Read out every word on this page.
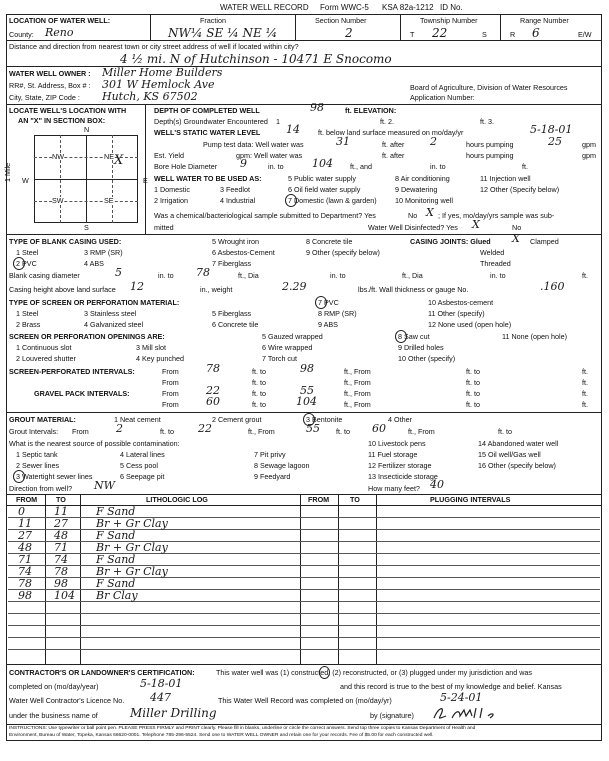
WATER WELL RECORD Form WWC-5 KSA 82a-1212 ID No.
LOCATION OF WATER WELL:	Fraction	Section Number	Township Number	Range Number
County: Reno	NW¼ SE ¼ NE ¼	2	T 22	S	R 6	E/W
Distance and direction from nearest town or city street address of well if located within city?
4 ½ mi. N of Hutchinson - 10471 E Snocomo
WATER WELL OWNER : Miller Home Builders
RR#, St. Address, Box # : 301 W Hemlock Ave	Board of Agriculture, Division of Water Resources
City, State, ZIP Code : Hutch, KS 67502	Application Number:
LOCATE WELL'S LOCATION WITH
AN "X" IN SECTION BOX:
N
S
W	E
1 Mile
NW	NE
SW	SE
X
DEPTH OF COMPLETED WELL	98	ft. ELEVATION:
Depth(s) Groundwater Encountered 1	ft. 2.	ft. 3.
WELL'S STATIC WATER LEVEL 14	ft. below land surface measured on mo/day/yr	5-18-01
Pump test data: Well water was	31	ft. after 2	hours pumping	25	gpm
Est. Yield	gpm: Well water was	ft. after	hours pumping	gpm
Bore Hole Diameter 9	in. to	104 ft., and	in. to	ft.
WELL WATER TO BE USED AS:	5 Public water supply	8 Air conditioning	11 Injection well
1 Domestic	3 Feedlot	6 Oil field water supply	9 Dewatering	12 Other (Specify below)
2 Irrigation	4 Industrial	7 Domestic (lawn & garden)	10 Monitoring well
Was a chemical/bacteriological sample submitted to Department? Yes	No X ; If yes, mo/day/yrs sample was sub-
mitted	Water Well Disinfected? Yes X	No
TYPE OF BLANK CASING USED:	5 Wrought iron	8 Concrete tile	CASING JOINTS: Glued X Clamped
1 Steel	3 RMP (SR)	6 Asbestos-Cement	9 Other (specify below)	Welded
2 PVC	4 ABS	7 Fiberglass	Threaded
Blank casing diameter	5	in. to 78	ft., Dia	in. to	ft., Dia	in. to	ft.
Casing height above land surface 12	in., weight	2.29	lbs./ft. Wall thickness or gauge No.	.160
TYPE OF SCREEN OR PERFORATION MATERIAL:	7 PVC	10 Asbestos-cement
1 Steel	3 Stainless steel	5 Fiberglass	8 RMP (SR)	11 Other (specify)
2 Brass	4 Galvanized steel	6 Concrete tile	9 ABS	12 None used (open hole)
SCREEN OR PERFORATION OPENINGS ARE:	5 Gauzed wrapped	8 Saw cut	11 None (open hole)
1 Continuous slot	3 Mill slot	6 Wire wrapped	9 Drilled holes
2 Louvered shutter	4 Key punched	7 Torch cut	10 Other (specify)
SCREEN-PERFORATED INTERVALS:	From 78	ft. to	98	ft., From	ft. to	ft.
From	ft. to	ft., From	ft. to	ft.
GRAVEL PACK INTERVALS:	From 22	ft. to	55	ft., From	ft. to	ft.
From 60	ft. to	104	ft., From	ft. to	ft.
GROUT MATERIAL:	1 Neat cement	2 Cement grout	3 Bentonite	4 Other
Grout Intervals: From 2	ft. to 22	ft., From	55 ft. to 60	ft., From	ft. to
What is the nearest source of possible contamination:	10 Livestock pens	14 Abandoned water well
1 Septic tank	4 Lateral lines	7 Pit privy	11 Fuel storage	15 Oil well/Gas well
2 Sewer lines	5 Cess pool	8 Sewage lagoon	12 Fertilizer storage	16 Other (specify below)
3 Watertight sewer lines	6 Seepage pit	9 Feedyard	13 Insecticide storage
Direction from well? NW	How many feet? 40
FROM	TO	LITHOLOGIC LOG	FROM	TO	PLUGGING INTERVALS
0	11	F Sand
11 27	Br + Gr Clay
27 48	F Sand
48 71	Br + Gr Clay
71 74	F Sand
74 78	Br + Gr Clay
78 98	F Sand
98 104 Br Clay
CONTRACTOR'S OR LANDOWNER'S CERTIFICATION:	This water well was (1) constructed, (2) reconstructed, or (3) plugged under my jurisdiction and was
completed on (mo/day/year)	5-18-01	and this record is true to the best of my knowledge and belief. Kansas
Water Well Contractor's Licence No. 447	This Water Well Record was completed on (mo/day/yr)	5-24-01
under the business name of	Miller Drilling	by (signature)
INSTRUCTIONS: Use typewriter or ball point pen. PLEASE PRESS FIRMLY and PRINT clearly. Please fill in blanks, underline or circle the correct answers. Send top three copies to Kansas Department of Health and
Environment, Bureau of Water, Topeka, Kansas 66620-0001. Telephone 785-296-5524. Send one to WATER WELL OWNER and retain one for your records. Fee of $5.00 for each constructed well.
